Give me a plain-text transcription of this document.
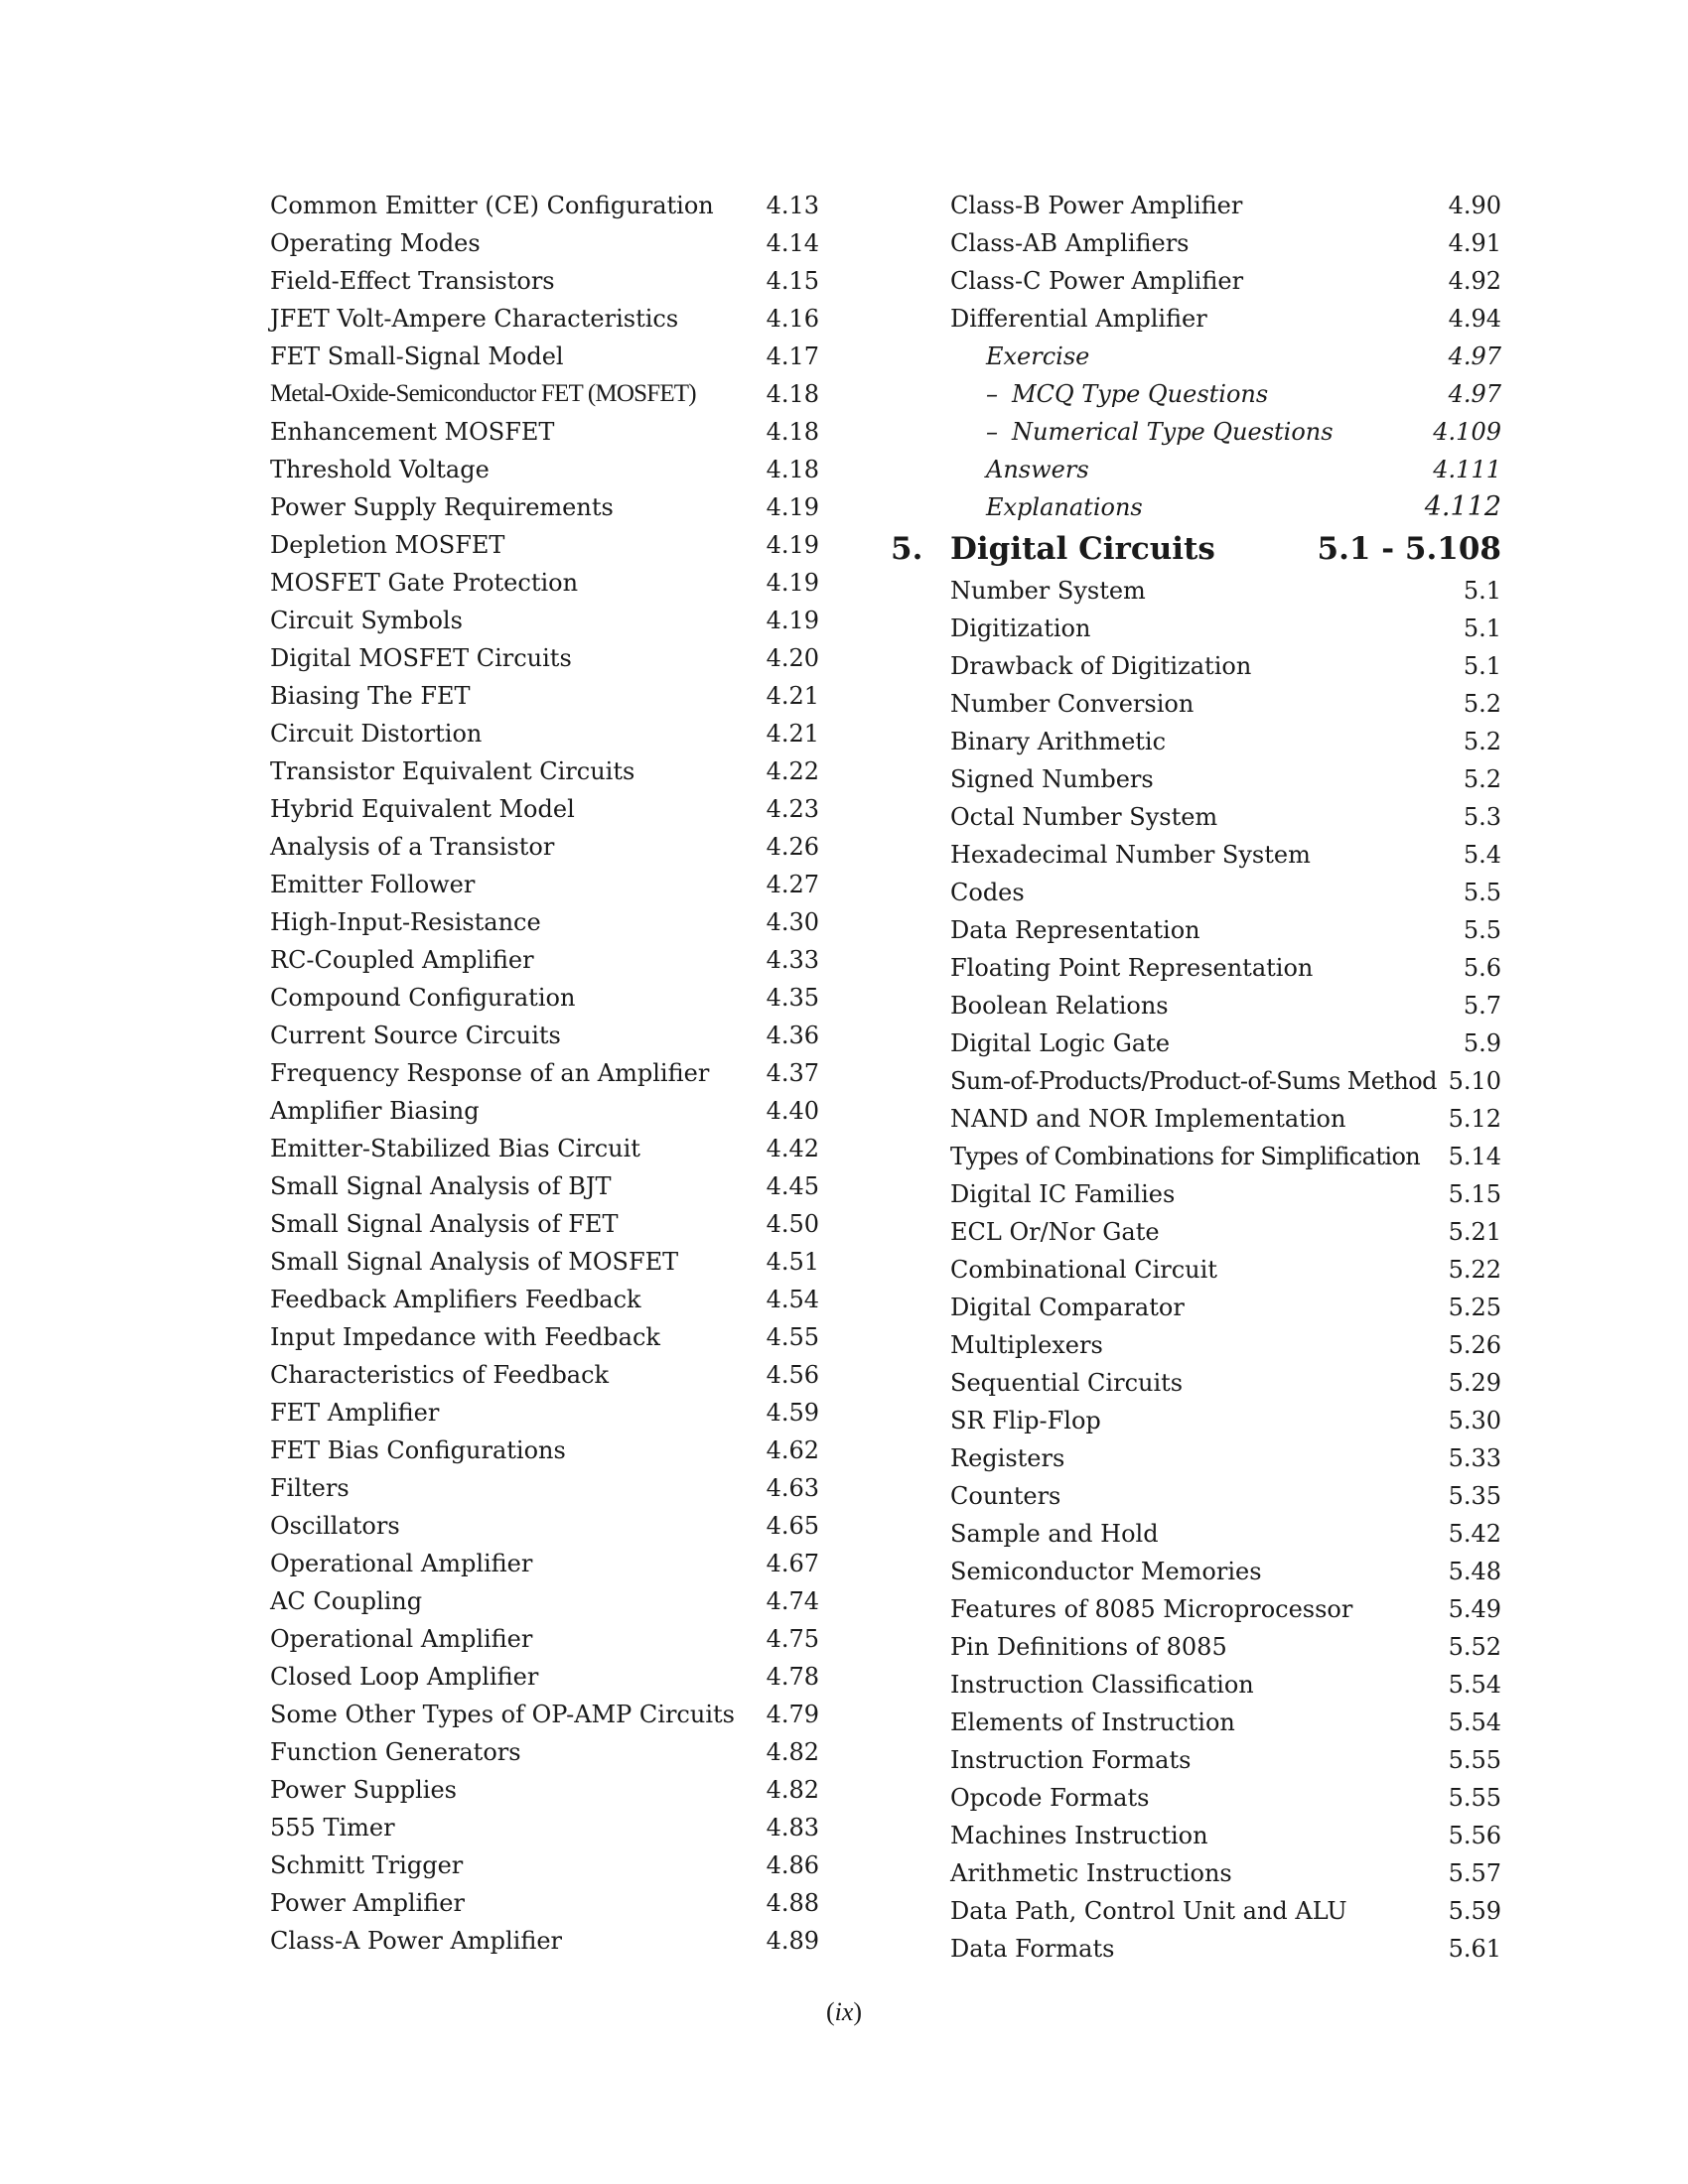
Common Emitter (CE) Configuration 4.13
Operating Modes	4.14
Field-Effect Transistors	4.15
JFET Volt-Ampere Characteristics	4.16
FET Small-Signal Model	4.17
Metal-Oxide-Semiconductor FET (MOSFET)	4.18
Enhancement MOSFET	4.18
Threshold Voltage	4.18
Power Supply Requirements	4.19
Depletion MOSFET	4.19
MOSFET Gate Protection	4.19
Circuit Symbols	4.19
Digital MOSFET Circuits	4.20
Biasing The FET	4.21
Circuit Distortion	4.21
Transistor Equivalent Circuits	4.22
Hybrid Equivalent Model	4.23
Analysis of a Transistor	4.26
Emitter Follower	4.27
High-Input-Resistance	4.30
RC-Coupled Amplifier	4.33
Compound Configuration	4.35
Current Source Circuits	4.36
Frequency Response of an Amplifier 4.37
Amplifier Biasing	4.40
Emitter-Stabilized Bias Circuit	4.42
Small Signal Analysis of BJT	4.45
Small Signal Analysis of FET	4.50
Small Signal Analysis of MOSFET	4.51
Feedback Amplifiers Feedback	4.54
Input Impedance with Feedback	4.55
Characteristics of Feedback	4.56
FET Amplifier	4.59
FET Bias Configurations	4.62
Filters	4.63
Oscillators	4.65
Operational Amplifier	4.67
AC Coupling	4.74
Operational Amplifier	4.75
Closed Loop Amplifier	4.78
Some Other Types of OP-AMP Circuits 4.79
Function Generators	4.82
Power Supplies	4.82
555 Timer	4.83
Schmitt Trigger	4.86
Power Amplifier	4.88
Class-A Power Amplifier	4.89
Class-B Power Amplifier	4.90
Class-AB Amplifiers	4.91
Class-C Power Amplifier	4.92
Differential Amplifier	4.94
Exercise	4.97
– MCQ Type Questions	4.97
– Numerical Type Questions	4.109
Answers	4.111
Explanations	4.112
5. Digital Circuits	5.1 - 5.108
Number System	5.1
Digitization	5.1
Drawback of Digitization	5.1
Number Conversion	5.2
Binary Arithmetic	5.2
Signed Numbers	5.2
Octal Number System	5.3
Hexadecimal Number System	5.4
Codes	5.5
Data Representation	5.5
Floating Point Representation	5.6
Boolean Relations	5.7
Digital Logic Gate	5.9
Sum-of-Products/Product-of-Sums Method 5.10
NAND and NOR Implementation	5.12
Types of Combinations for Simplification 5.14
Digital IC Families	5.15
ECL Or/Nor Gate	5.21
Combinational Circuit	5.22
Digital Comparator	5.25
Multiplexers	5.26
Sequential Circuits	5.29
SR Flip-Flop	5.30
Registers	5.33
Counters	5.35
Sample and Hold	5.42
Semiconductor Memories	5.48
Features of 8085 Microprocessor	5.49
Pin Definitions of 8085	5.52
Instruction Classification	5.54
Elements of Instruction	5.54
Instruction Formats	5.55
Opcode Formats	5.55
Machines Instruction	5.56
Arithmetic Instructions	5.57
Data Path, Control Unit and ALU	5.59
Data Formats	5.61
(ix)
